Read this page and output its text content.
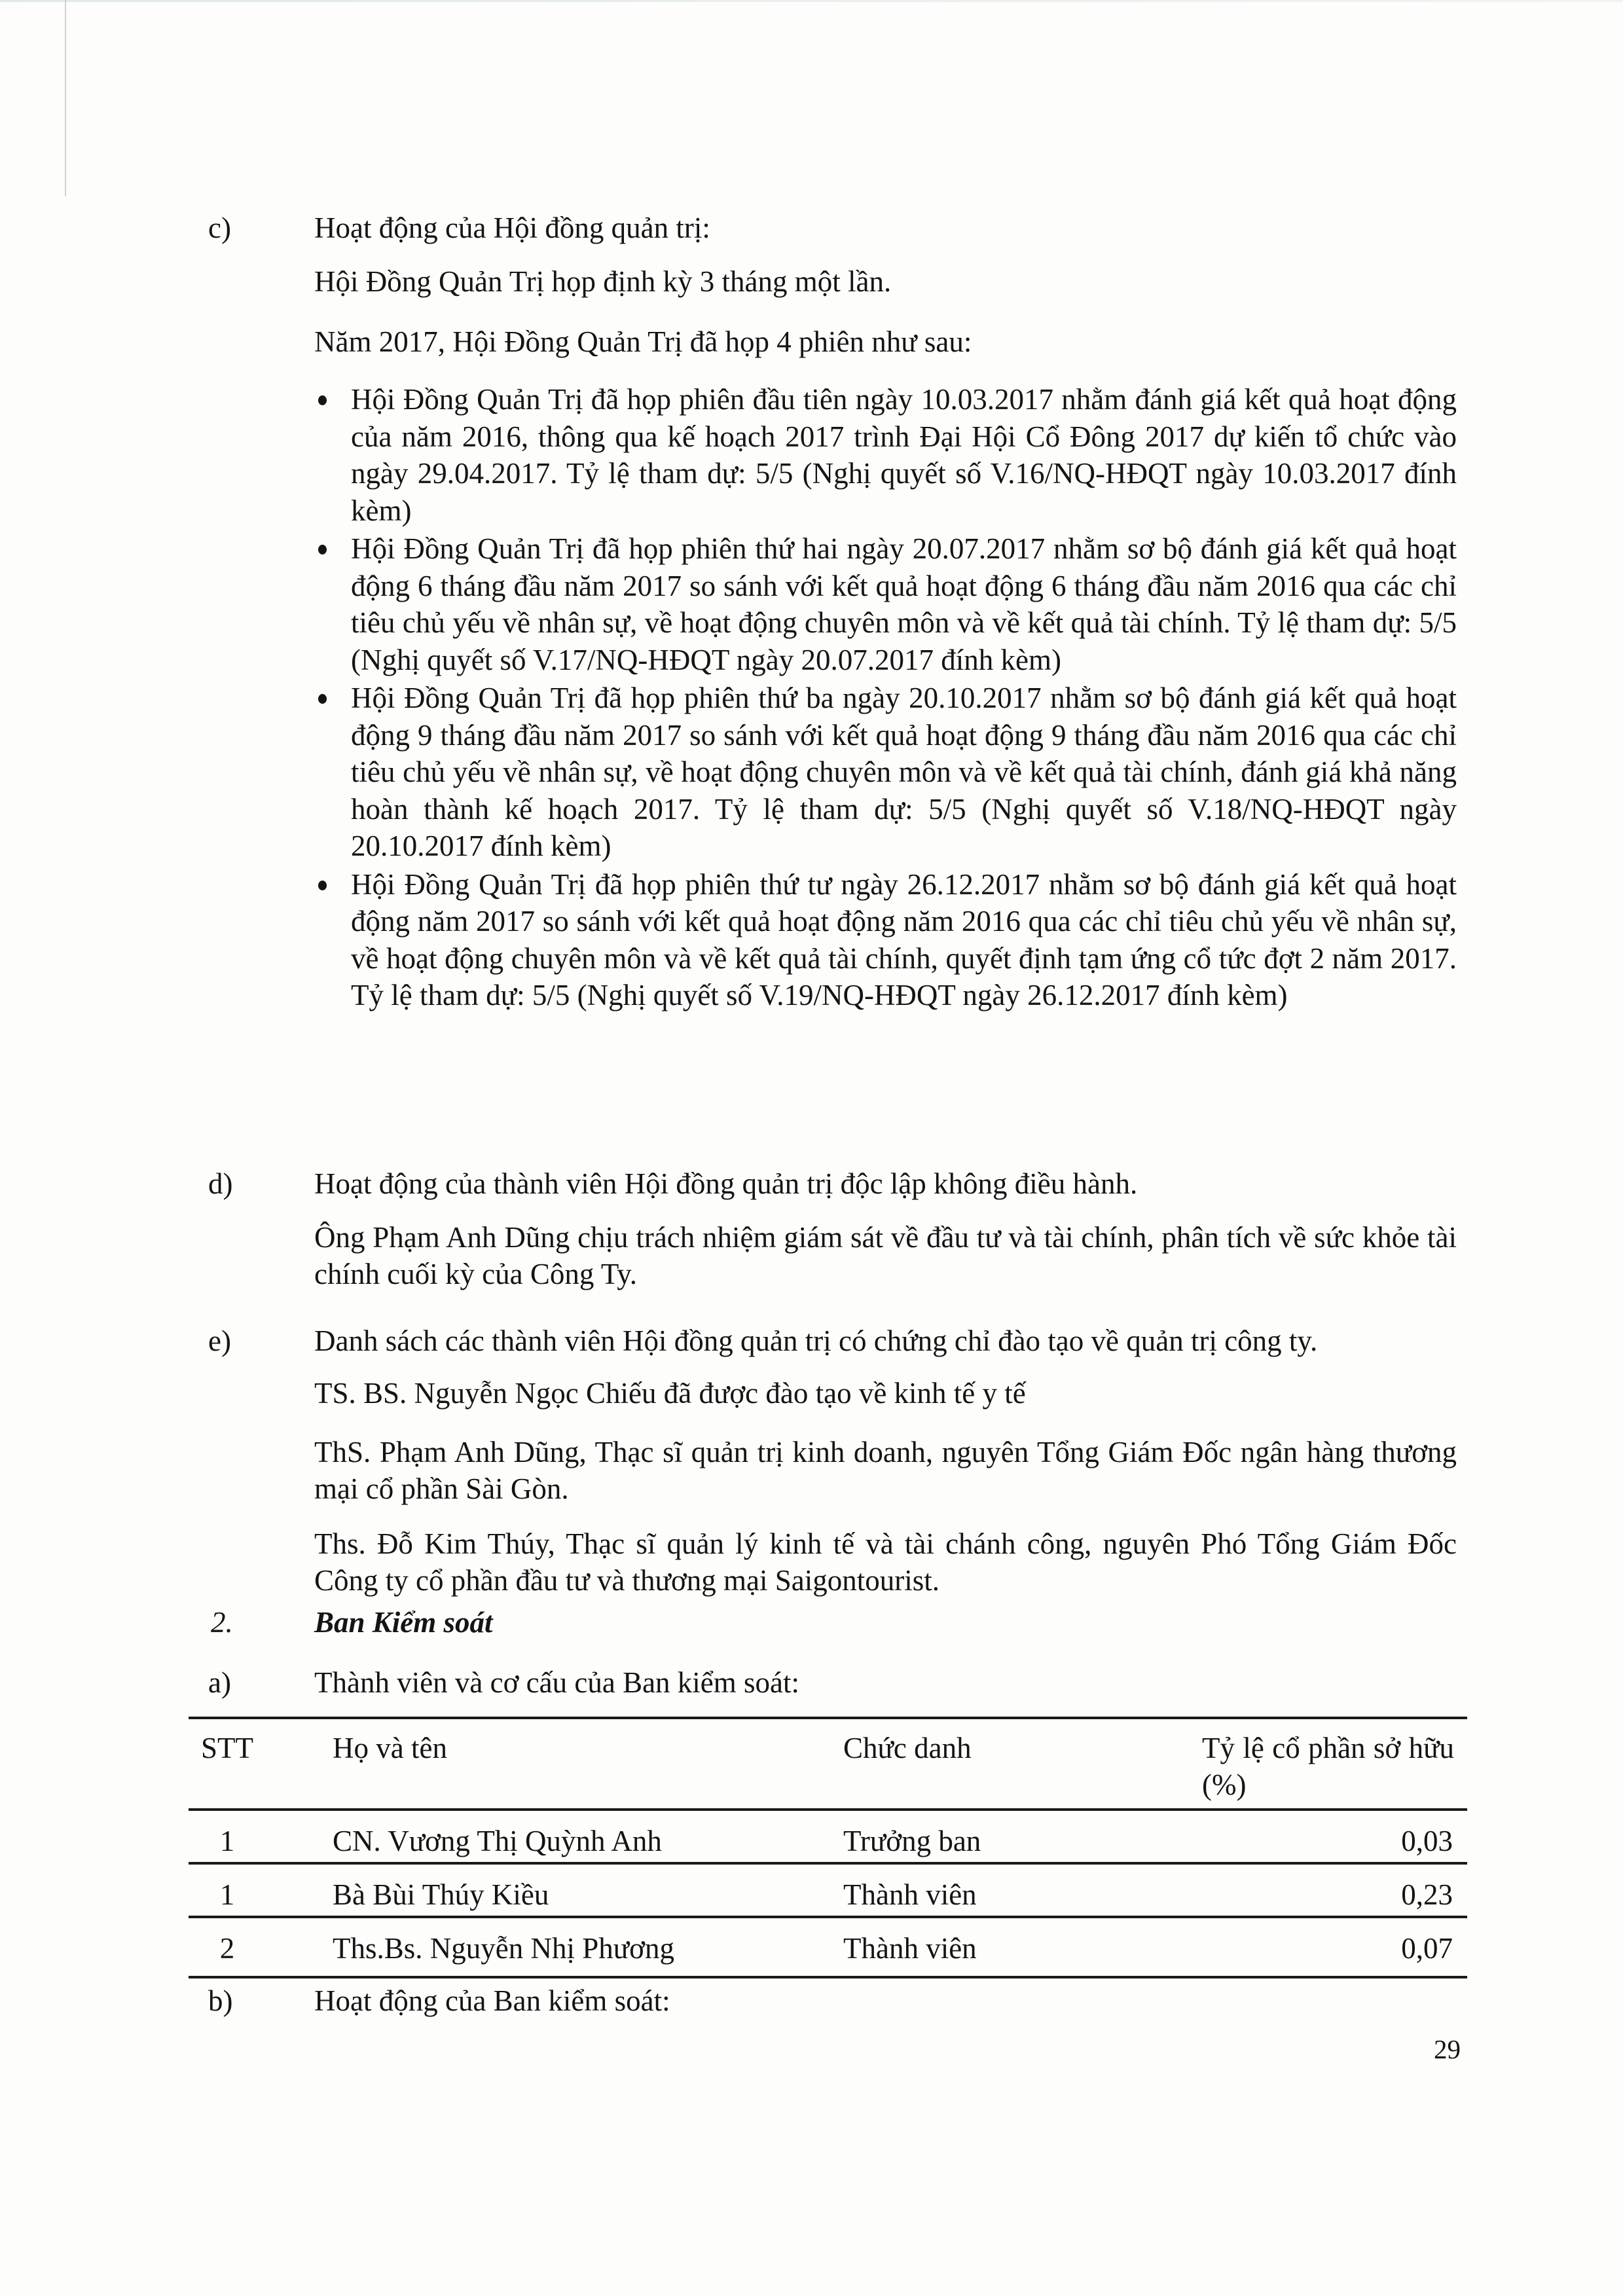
c)	Hoạt động của Hội đồng quản trị:
Hội Đồng Quản Trị họp định kỳ 3 tháng một lần.
Năm 2017, Hội Đồng Quản Trị đã họp 4 phiên như sau:
Hội Đồng Quản Trị đã họp phiên đầu tiên ngày 10.03.2017 nhằm đánh giá kết quả hoạt động của năm 2016, thông qua kế hoạch 2017 trình Đại Hội Cổ Đông 2017 dự kiến tổ chức vào ngày 29.04.2017. Tỷ lệ tham dự: 5/5 (Nghị quyết số V.16/NQ-HĐQT ngày 10.03.2017 đính kèm)
Hội Đồng Quản Trị đã họp phiên thứ hai ngày 20.07.2017 nhằm sơ bộ đánh giá kết quả hoạt động 6 tháng đầu năm 2017 so sánh với kết quả hoạt động 6 tháng đầu năm 2016 qua các chỉ tiêu chủ yếu về nhân sự, về hoạt động chuyên môn và về kết quả tài chính. Tỷ lệ tham dự: 5/5 (Nghị quyết số V.17/NQ-HĐQT ngày 20.07.2017 đính kèm)
Hội Đồng Quản Trị đã họp phiên thứ ba ngày 20.10.2017 nhằm sơ bộ đánh giá kết quả hoạt động 9 tháng đầu năm 2017 so sánh với kết quả hoạt động 9 tháng đầu năm 2016 qua các chỉ tiêu chủ yếu về nhân sự, về hoạt động chuyên môn và về kết quả tài chính, đánh giá khả năng hoàn thành kế hoạch 2017. Tỷ lệ tham dự: 5/5 (Nghị quyết số V.18/NQ-HĐQT ngày 20.10.2017 đính kèm)
Hội Đồng Quản Trị đã họp phiên thứ tư ngày 26.12.2017 nhằm sơ bộ đánh giá kết quả hoạt động năm 2017 so sánh với kết quả hoạt động năm 2016 qua các chỉ tiêu chủ yếu về nhân sự, về hoạt động chuyên môn và về kết quả tài chính, quyết định tạm ứng cổ tức đợt 2 năm 2017. Tỷ lệ tham dự: 5/5 (Nghị quyết số V.19/NQ-HĐQT ngày 26.12.2017 đính kèm)
d)	Hoạt động của thành viên Hội đồng quản trị độc lập không điều hành.
Ông Phạm Anh Dũng chịu trách nhiệm giám sát về đầu tư và tài chính, phân tích về sức khỏe tài chính cuối kỳ của Công Ty.
e)	Danh sách các thành viên Hội đồng quản trị có chứng chỉ đào tạo về quản trị công ty.
TS. BS. Nguyễn Ngọc Chiếu đã được đào tạo về kinh tế y tế
ThS. Phạm Anh Dũng, Thạc sĩ quản trị kinh doanh, nguyên Tổng Giám Đốc ngân hàng thương mại cổ phần Sài Gòn.
Ths. Đỗ Kim Thúy, Thạc sĩ quản lý kinh tế và tài chánh công, nguyên Phó Tổng Giám Đốc Công ty cổ phần đầu tư và thương mại Saigontourist.
2.	Ban Kiểm soát
a)	Thành viên và cơ cấu của Ban kiểm soát:
STT	Họ và tên	Chức danh	Tỷ lệ cổ phần sở hữu (%)
1	CN. Vương Thị Quỳnh Anh	Trưởng ban	0,03
1	Bà Bùi Thúy Kiều	Thành viên	0,23
2	Ths.Bs. Nguyễn Nhị Phương	Thành viên	0,07
b)	Hoạt động của Ban kiểm soát:
29
